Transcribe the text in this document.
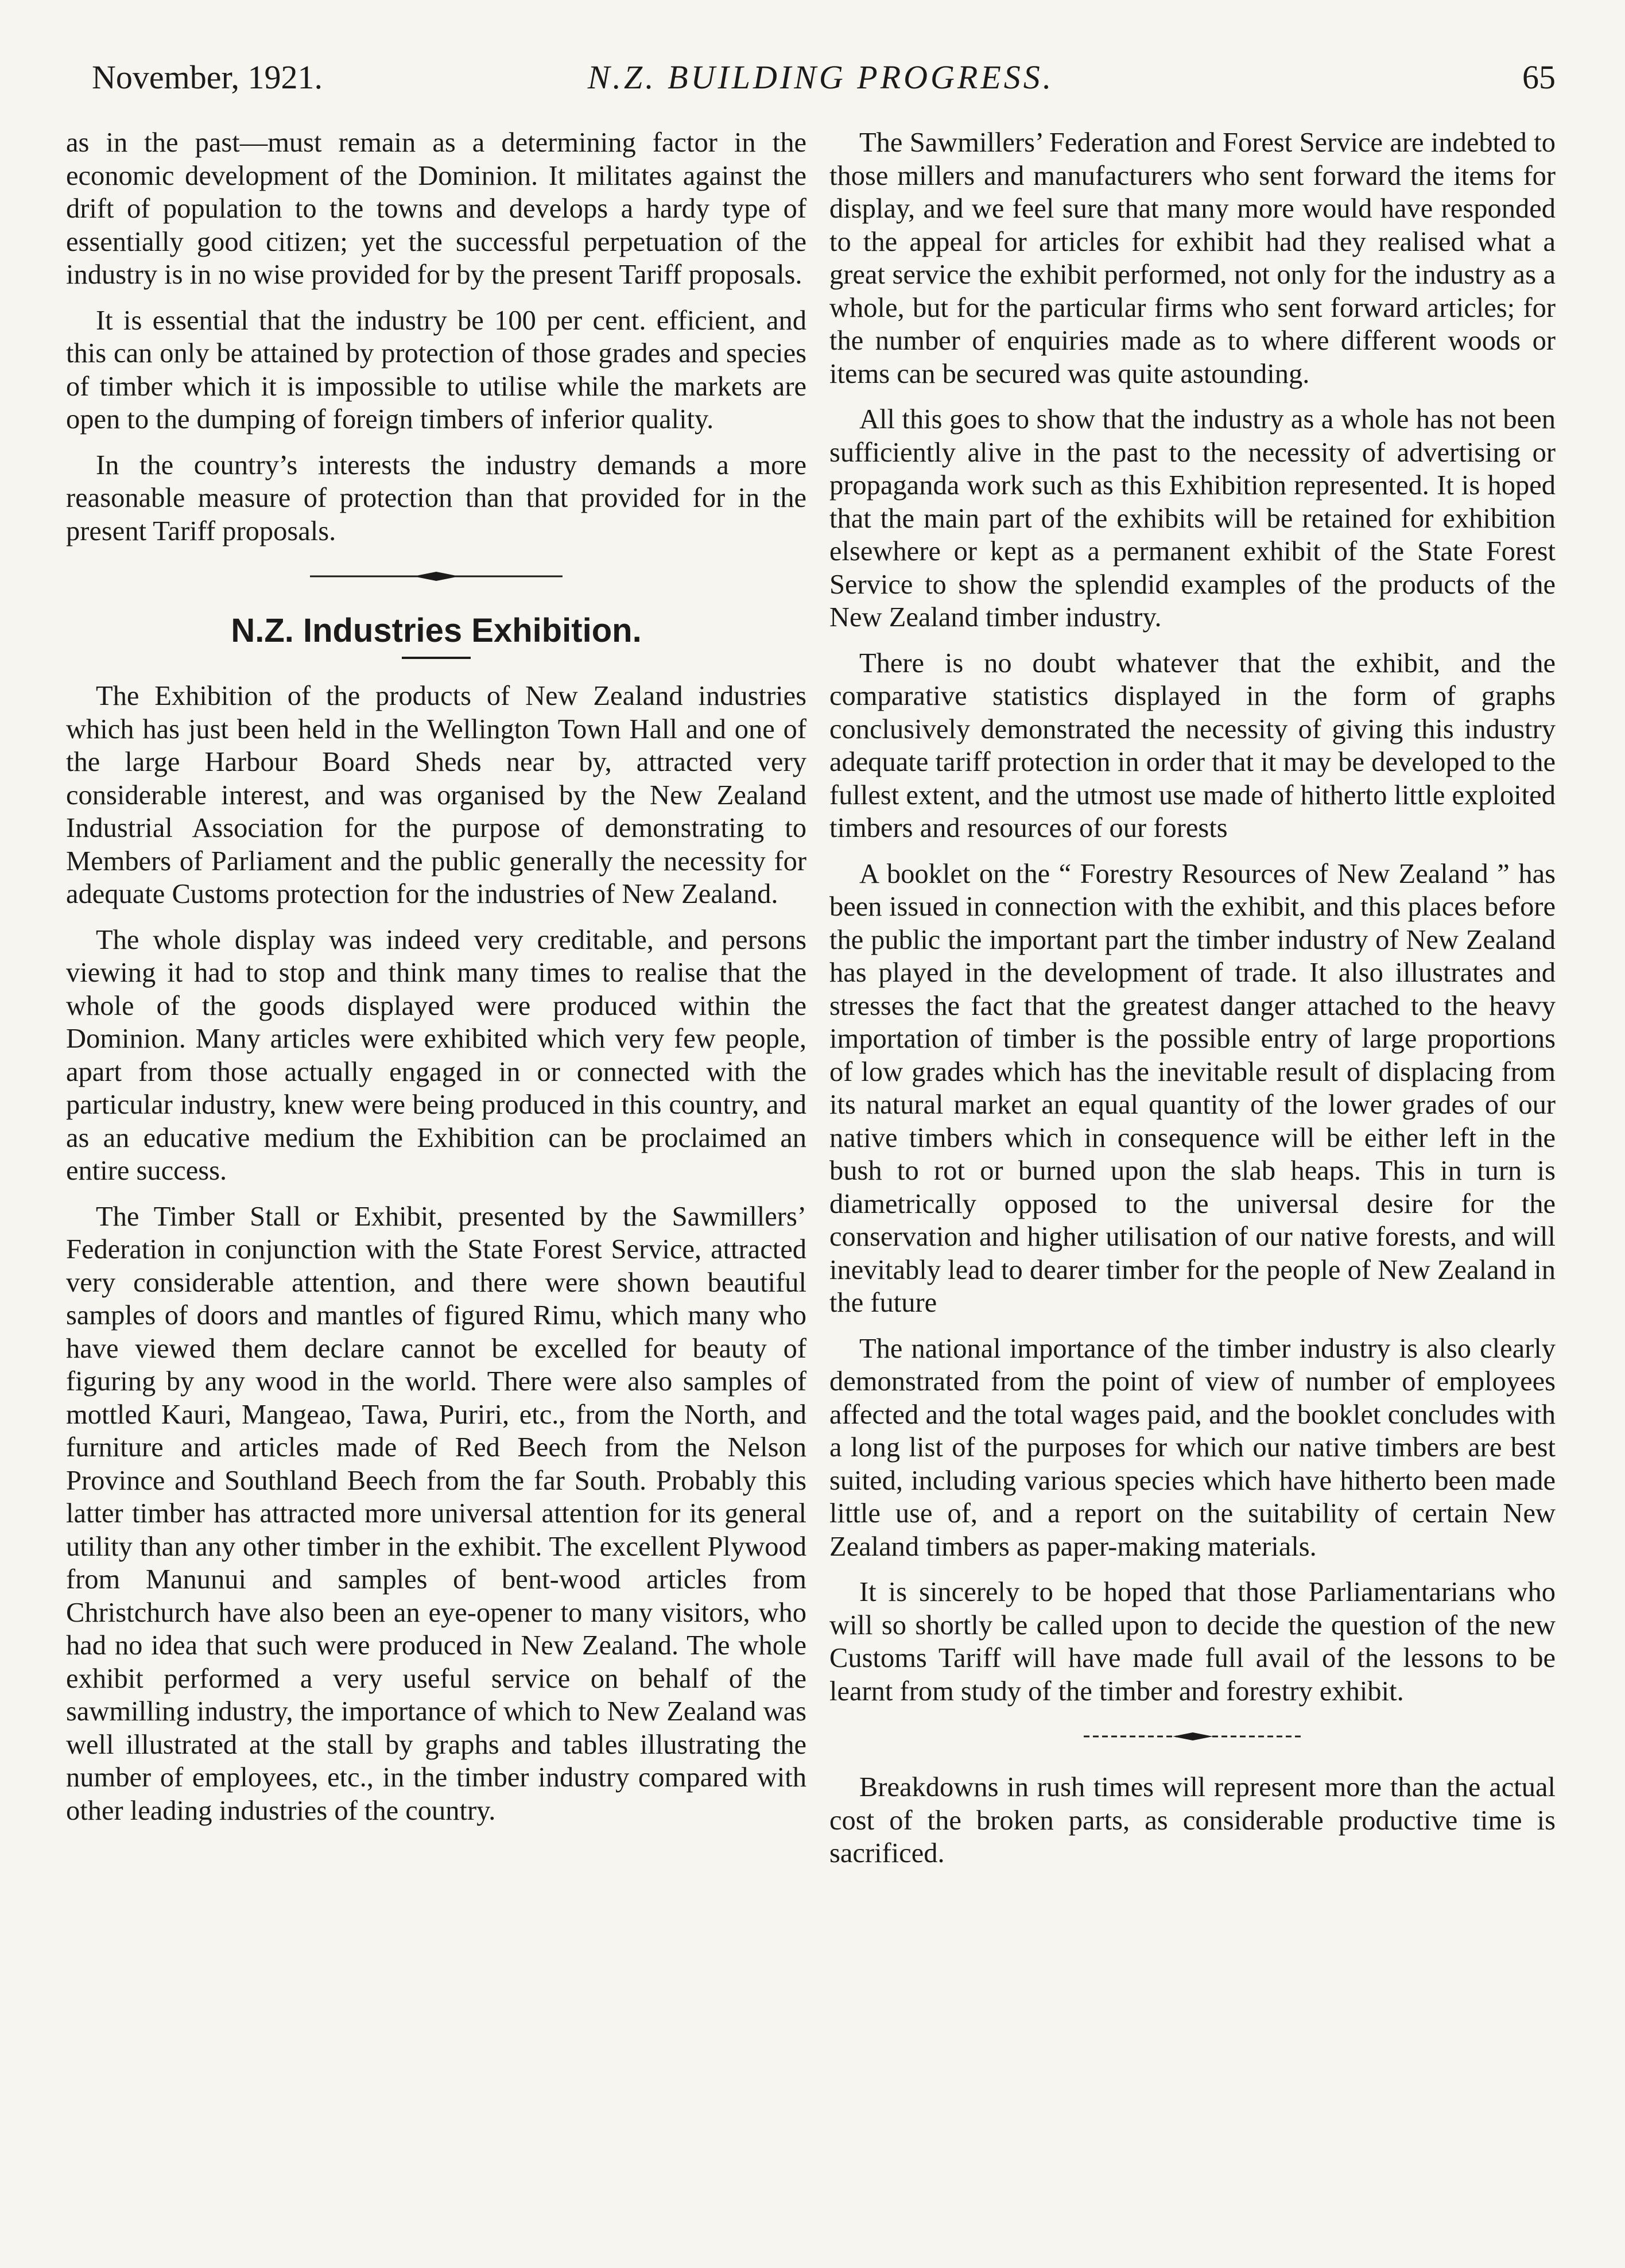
November, 1921.	N.Z. BUILDING PROGRESS.	65

as in the past—must remain as a determining factor in the economic development of the Dominion. It militates against the drift of population to the towns and develops a hardy type of essentially good citizen; yet the successful perpetuation of the industry is in no wise provided for by the present Tariff proposals.

It is essential that the industry be 100 per cent. efficient, and this can only be attained by protection of those grades and species of timber which it is impossible to utilise while the markets are open to the dumping of foreign timbers of inferior quality.

In the country’s interests the industry demands a more reasonable measure of protection than that provided for in the present Tariff proposals.

N.Z. Industries Exhibition.

The Exhibition of the products of New Zealand industries which has just been held in the Wellington Town Hall and one of the large Harbour Board Sheds near by, attracted very considerable interest, and was organised by the New Zealand Industrial Association for the purpose of demonstrating to Members of Parliament and the public generally the necessity for adequate Customs protection for the industries of New Zealand.

The whole display was indeed very creditable, and persons viewing it had to stop and think many times to realise that the whole of the goods displayed were produced within the Dominion. Many articles were exhibited which very few people, apart from those actually engaged in or connected with the particular industry, knew were being produced in this country, and as an educative medium the Exhibition can be proclaimed an entire success.

The Timber Stall or Exhibit, presented by the Sawmillers’ Federation in conjunction with the State Forest Service, attracted very considerable attention, and there were shown beautiful samples of doors and mantles of figured Rimu, which many who have viewed them declare cannot be excelled for beauty of figuring by any wood in the world. There were also samples of mottled Kauri, Mangeao, Tawa, Puriri, etc., from the North, and furniture and articles made of Red Beech from the Nelson Province and Southland Beech from the far South. Probably this latter timber has attracted more universal attention for its general utility than any other timber in the exhibit. The excellent Plywood from Manunui and samples of bent-wood articles from Christchurch have also been an eye-opener to many visitors, who had no idea that such were produced in New Zealand. The whole exhibit performed a very useful service on behalf of the sawmilling industry, the importance of which to New Zealand was well illustrated at the stall by graphs and tables illustrating the number of employees, etc., in the timber industry compared with other leading industries of the country.

The Sawmillers’ Federation and Forest Service are indebted to those millers and manufacturers who sent forward the items for display, and we feel sure that many more would have responded to the appeal for articles for exhibit had they realised what a great service the exhibit performed, not only for the industry as a whole, but for the particular firms who sent forward articles; for the number of enquiries made as to where different woods or items can be secured was quite astounding.

All this goes to show that the industry as a whole has not been sufficiently alive in the past to the necessity of advertising or propaganda work such as this Exhibition represented. It is hoped that the main part of the exhibits will be retained for exhibition elsewhere or kept as a permanent exhibit of the State Forest Service to show the splendid examples of the products of the New Zealand timber industry.

There is no doubt whatever that the exhibit, and the comparative statistics displayed in the form of graphs conclusively demonstrated the necessity of giving this industry adequate tariff protection in order that it may be developed to the fullest extent, and the utmost use made of hitherto little exploited timbers and resources of our forests

A booklet on the “ Forestry Resources of New Zealand ” has been issued in connection with the exhibit, and this places before the public the important part the timber industry of New Zealand has played in the development of trade. It also illustrates and stresses the fact that the greatest danger attached to the heavy importation of timber is the possible entry of large proportions of low grades which has the inevitable result of displacing from its natural market an equal quantity of the lower grades of our native timbers which in consequence will be either left in the bush to rot or burned upon the slab heaps. This in turn is diametrically opposed to the universal desire for the conservation and higher utilisation of our native forests, and will inevitably lead to dearer timber for the people of New Zealand in the future

The national importance of the timber industry is also clearly demonstrated from the point of view of number of employees affected and the total wages paid, and the booklet concludes with a long list of the purposes for which our native timbers are best suited, including various species which have hitherto been made little use of, and a report on the suitability of certain New Zealand timbers as paper-making materials.

It is sincerely to be hoped that those Parliamentarians who will so shortly be called upon to decide the question of the new Customs Tariff will have made full avail of the lessons to be learnt from study of the timber and forestry exhibit.

Breakdowns in rush times will represent more than the actual cost of the broken parts, as considerable productive time is sacrificed.
